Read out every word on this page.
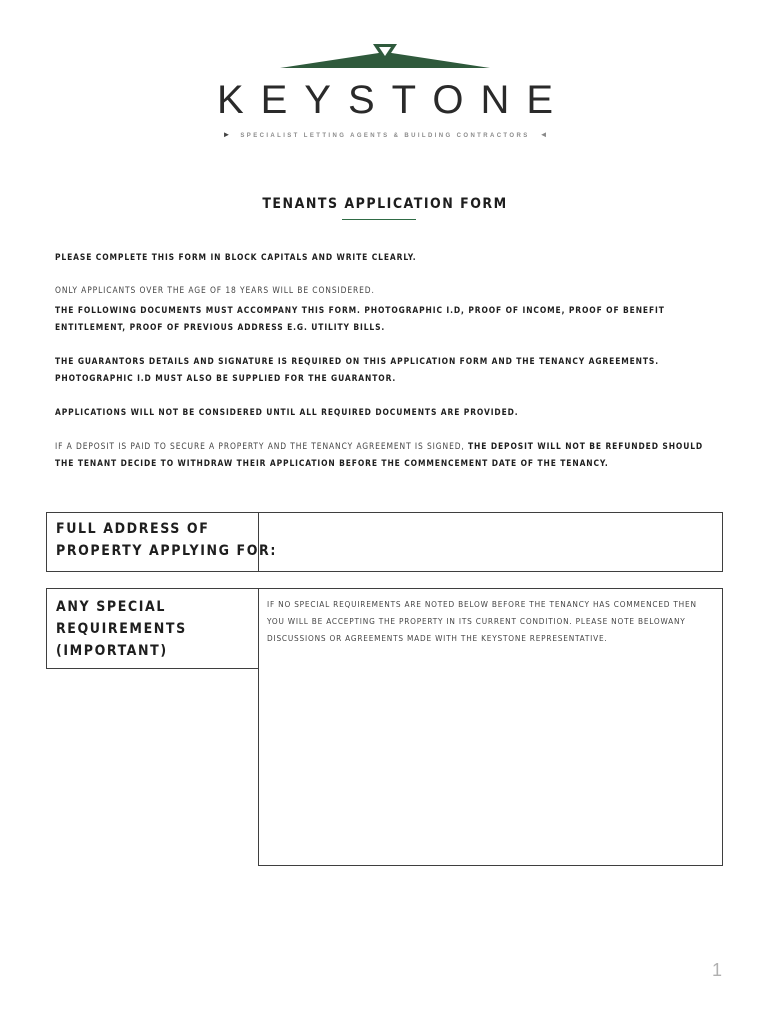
KEYSTONE
► SPECIALIST LETTING AGENTS & BUILDING CONTRACTORS ◄
TENANTS APPLICATION FORM
PLEASE COMPLETE THIS FORM IN BLOCK CAPITALS AND WRITE CLEARLY.
ONLY APPLICANTS OVER THE AGE OF 18 YEARS WILL BE CONSIDERED.
THE FOLLOWING DOCUMENTS MUST ACCOMPANY THIS FORM. PHOTOGRAPHIC I.D, PROOF OF INCOME, PROOF OF BENEFIT ENTITLEMENT, PROOF OF PREVIOUS ADDRESS E.G. UTILITY BILLS.
THE GUARANTORS DETAILS AND SIGNATURE IS REQUIRED ON THIS APPLICATION FORM AND THE TENANCY AGREEMENTS. PHOTOGRAPHIC I.D MUST ALSO BE SUPPLIED FOR THE GUARANTOR.
APPLICATIONS WILL NOT BE CONSIDERED UNTIL ALL REQUIRED DOCUMENTS ARE PROVIDED.
IF A DEPOSIT IS PAID TO SECURE A PROPERTY AND THE TENANCY AGREEMENT IS SIGNED, THE DEPOSIT WILL NOT BE REFUNDED SHOULD THE TENANT DECIDE TO WITHDRAW THEIR APPLICATION BEFORE THE COMMENCEMENT DATE OF THE TENANCY.
FULL ADDRESS OF
PROPERTY APPLYING FOR:
ANY SPECIAL
REQUIREMENTS
(IMPORTANT)
IF NO SPECIAL REQUIREMENTS ARE NOTED BELOW BEFORE THE TENANCY HAS COMMENCED THEN YOU WILL BE ACCEPTING THE PROPERTY IN ITS CURRENT CONDITION. PLEASE NOTE BELOWANY DISCUSSIONS OR AGREEMENTS MADE WITH THE KEYSTONE REPRESENTATIVE.
1
